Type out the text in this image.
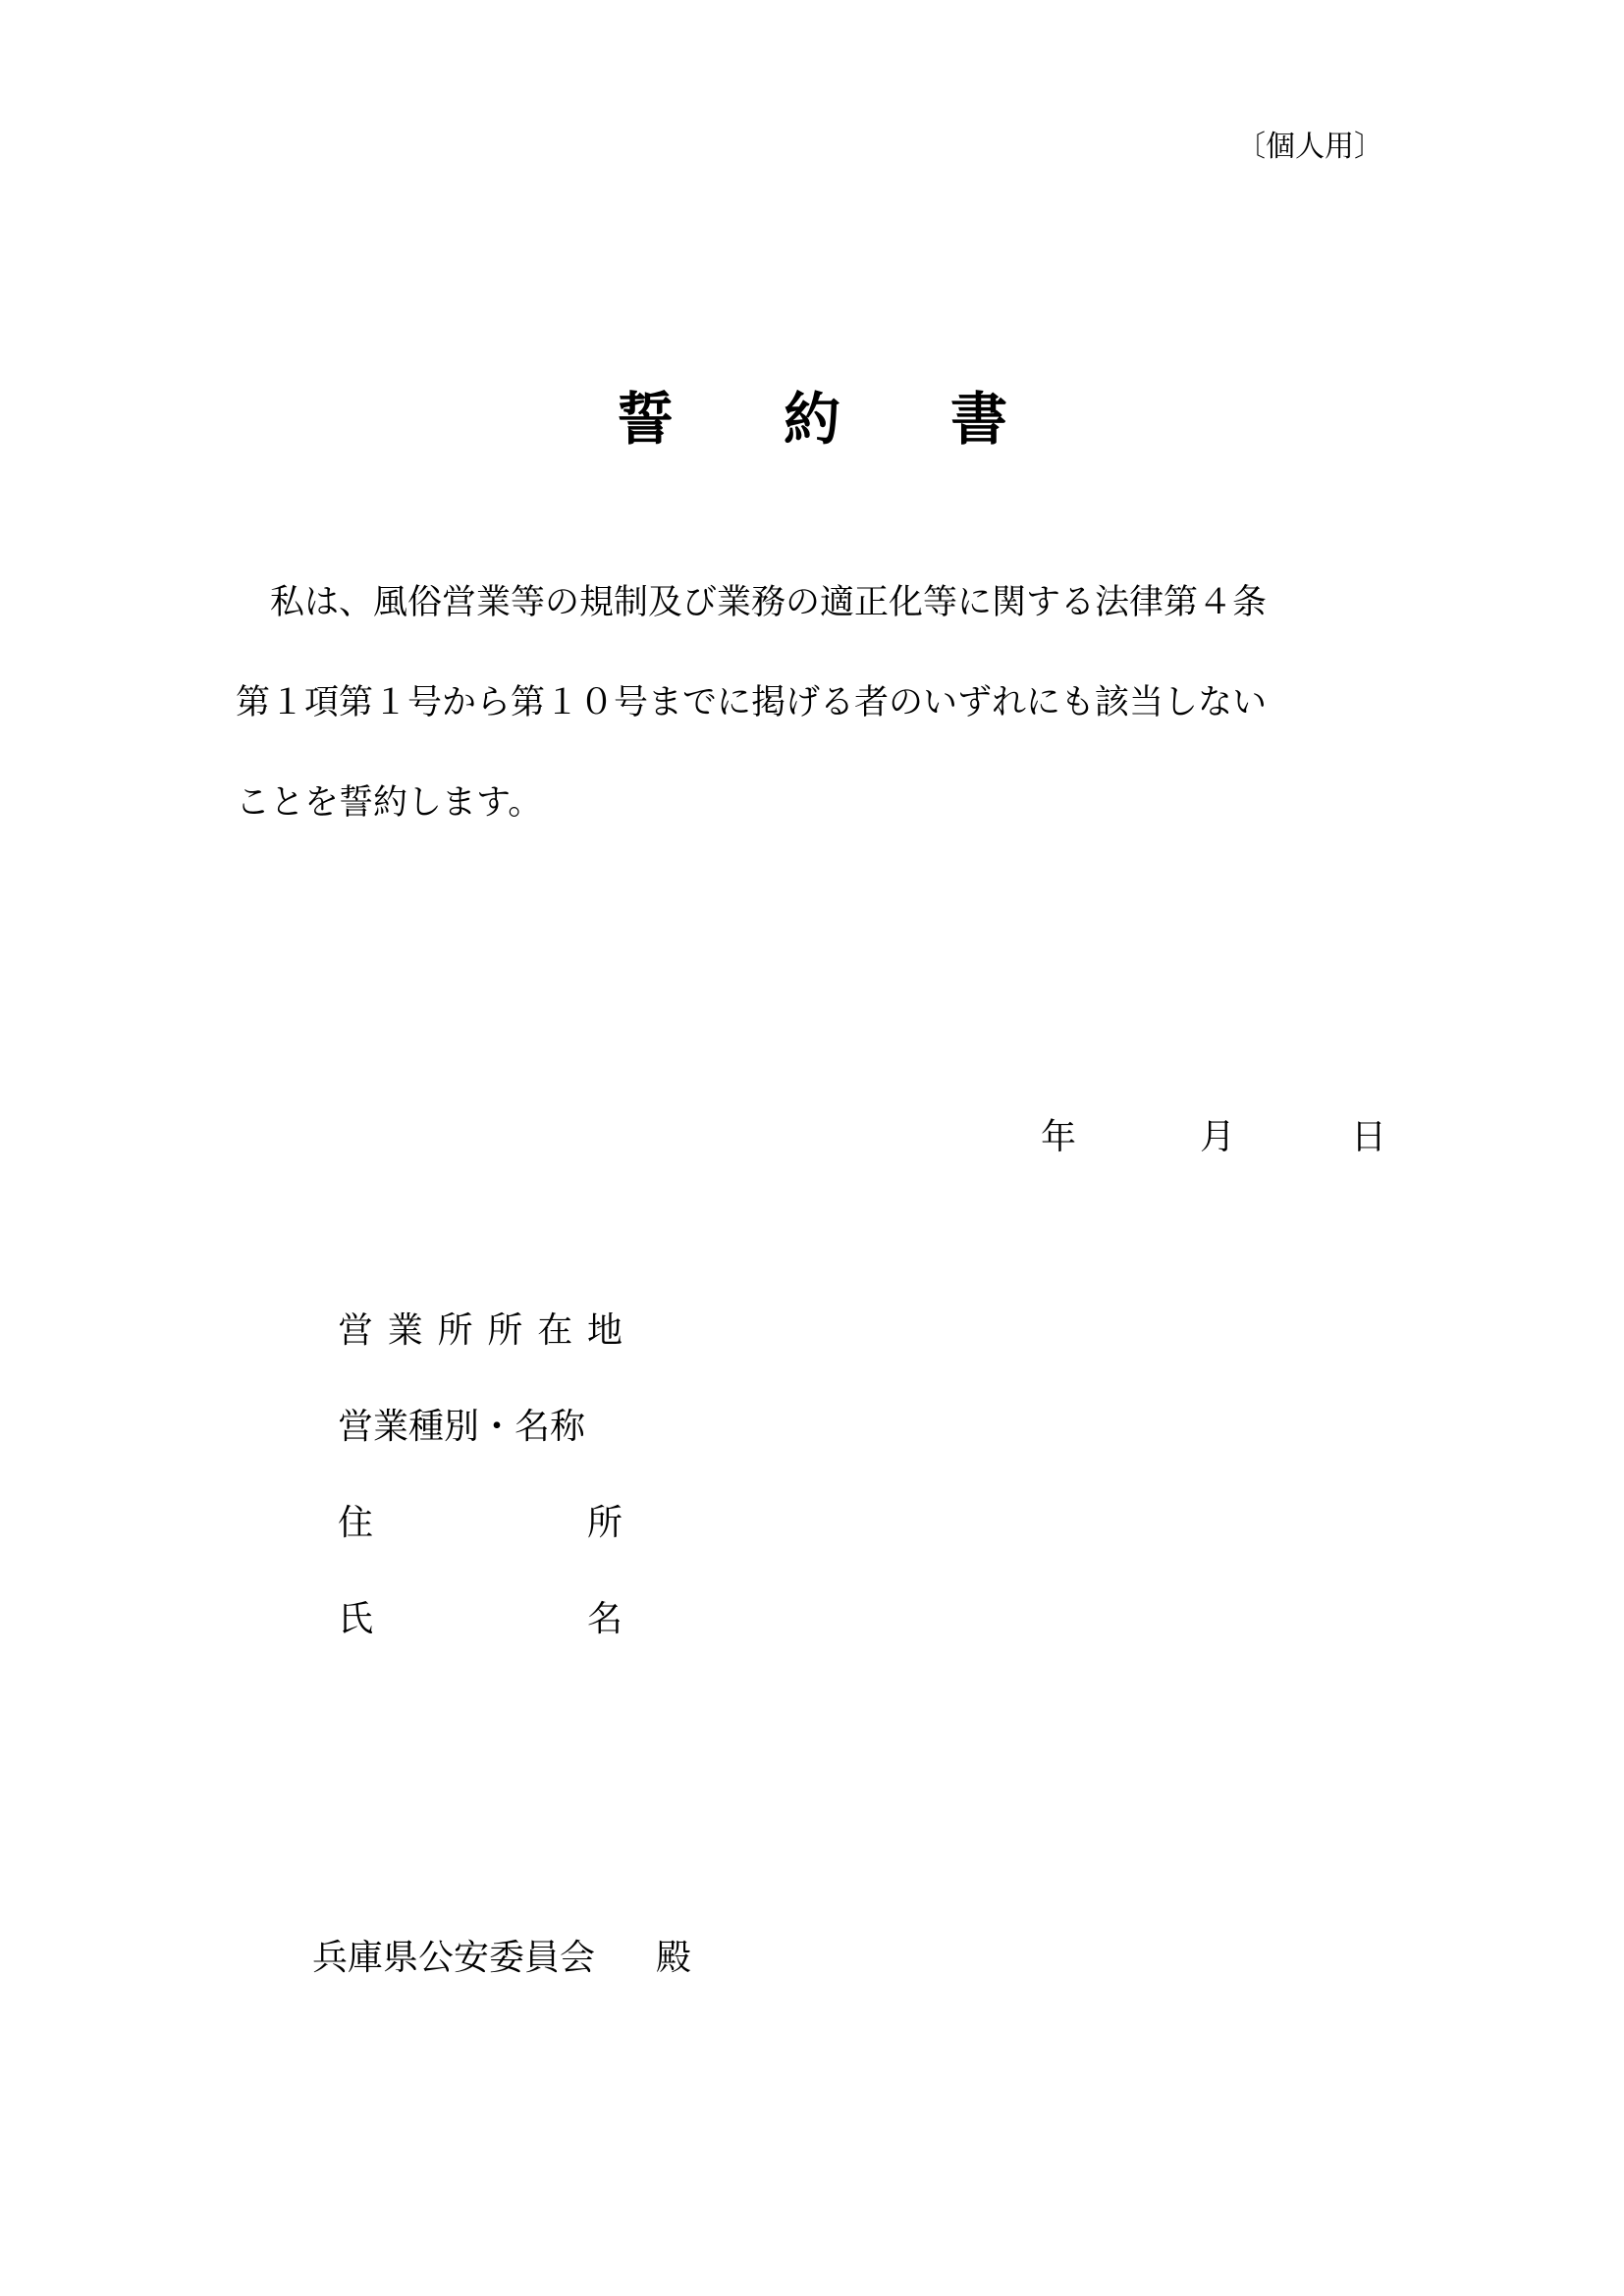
〔個人用〕
誓 約 書
　私は、風俗営業等の規制及び業務の適正化等に関する法律第４条
第１項第１号から第１０号までに掲げる者のいずれにも該当しない
ことを誓約します。
年	月	日
営業所所在地
営業種別・名称
住所
氏名
兵庫県公安委員会 殿
